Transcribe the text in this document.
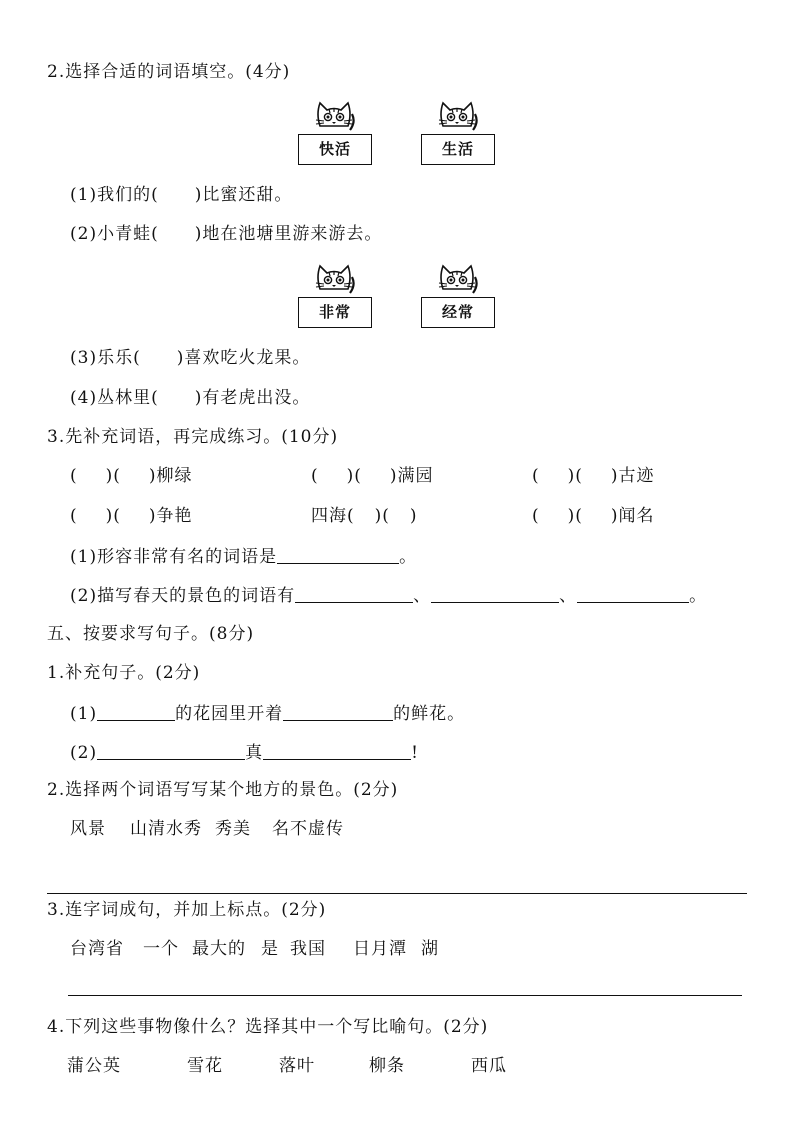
2.选择合适的词语填空。(4分)
快活	生活
(1)我们的( )比蜜还甜。
(2)小青蛙( )地在池塘里游来游去。
非常	经常
(3)乐乐( )喜欢吃火龙果。
(4)丛林里( )有老虎出没。
3.先补充词语，再完成练习。(10分)
( )( )柳绿	( )( )满园	( )( )古迹
( )( )争艳	四海( )( )	( )( )闻名
(1)形容非常有名的词语是	。
(2)描写春天的景色的词语有	、	、	。
五、按要求写句子。(8分)
1.补充句子。(2分)
(1)	的花园里开着	的鲜花。
(2)	真	!
2.选择两个词语写写某个地方的景色。(2分)
风景 山清水秀 秀美 名不虚传
3.连字词成句，并加上标点。(2分)
台湾省 一个 最大的 是 我国 日月潭 湖
4.下列这些事物像什么？选择其中一个写比喻句。(2分)
蒲公英	雪花	落叶	柳条	西瓜
